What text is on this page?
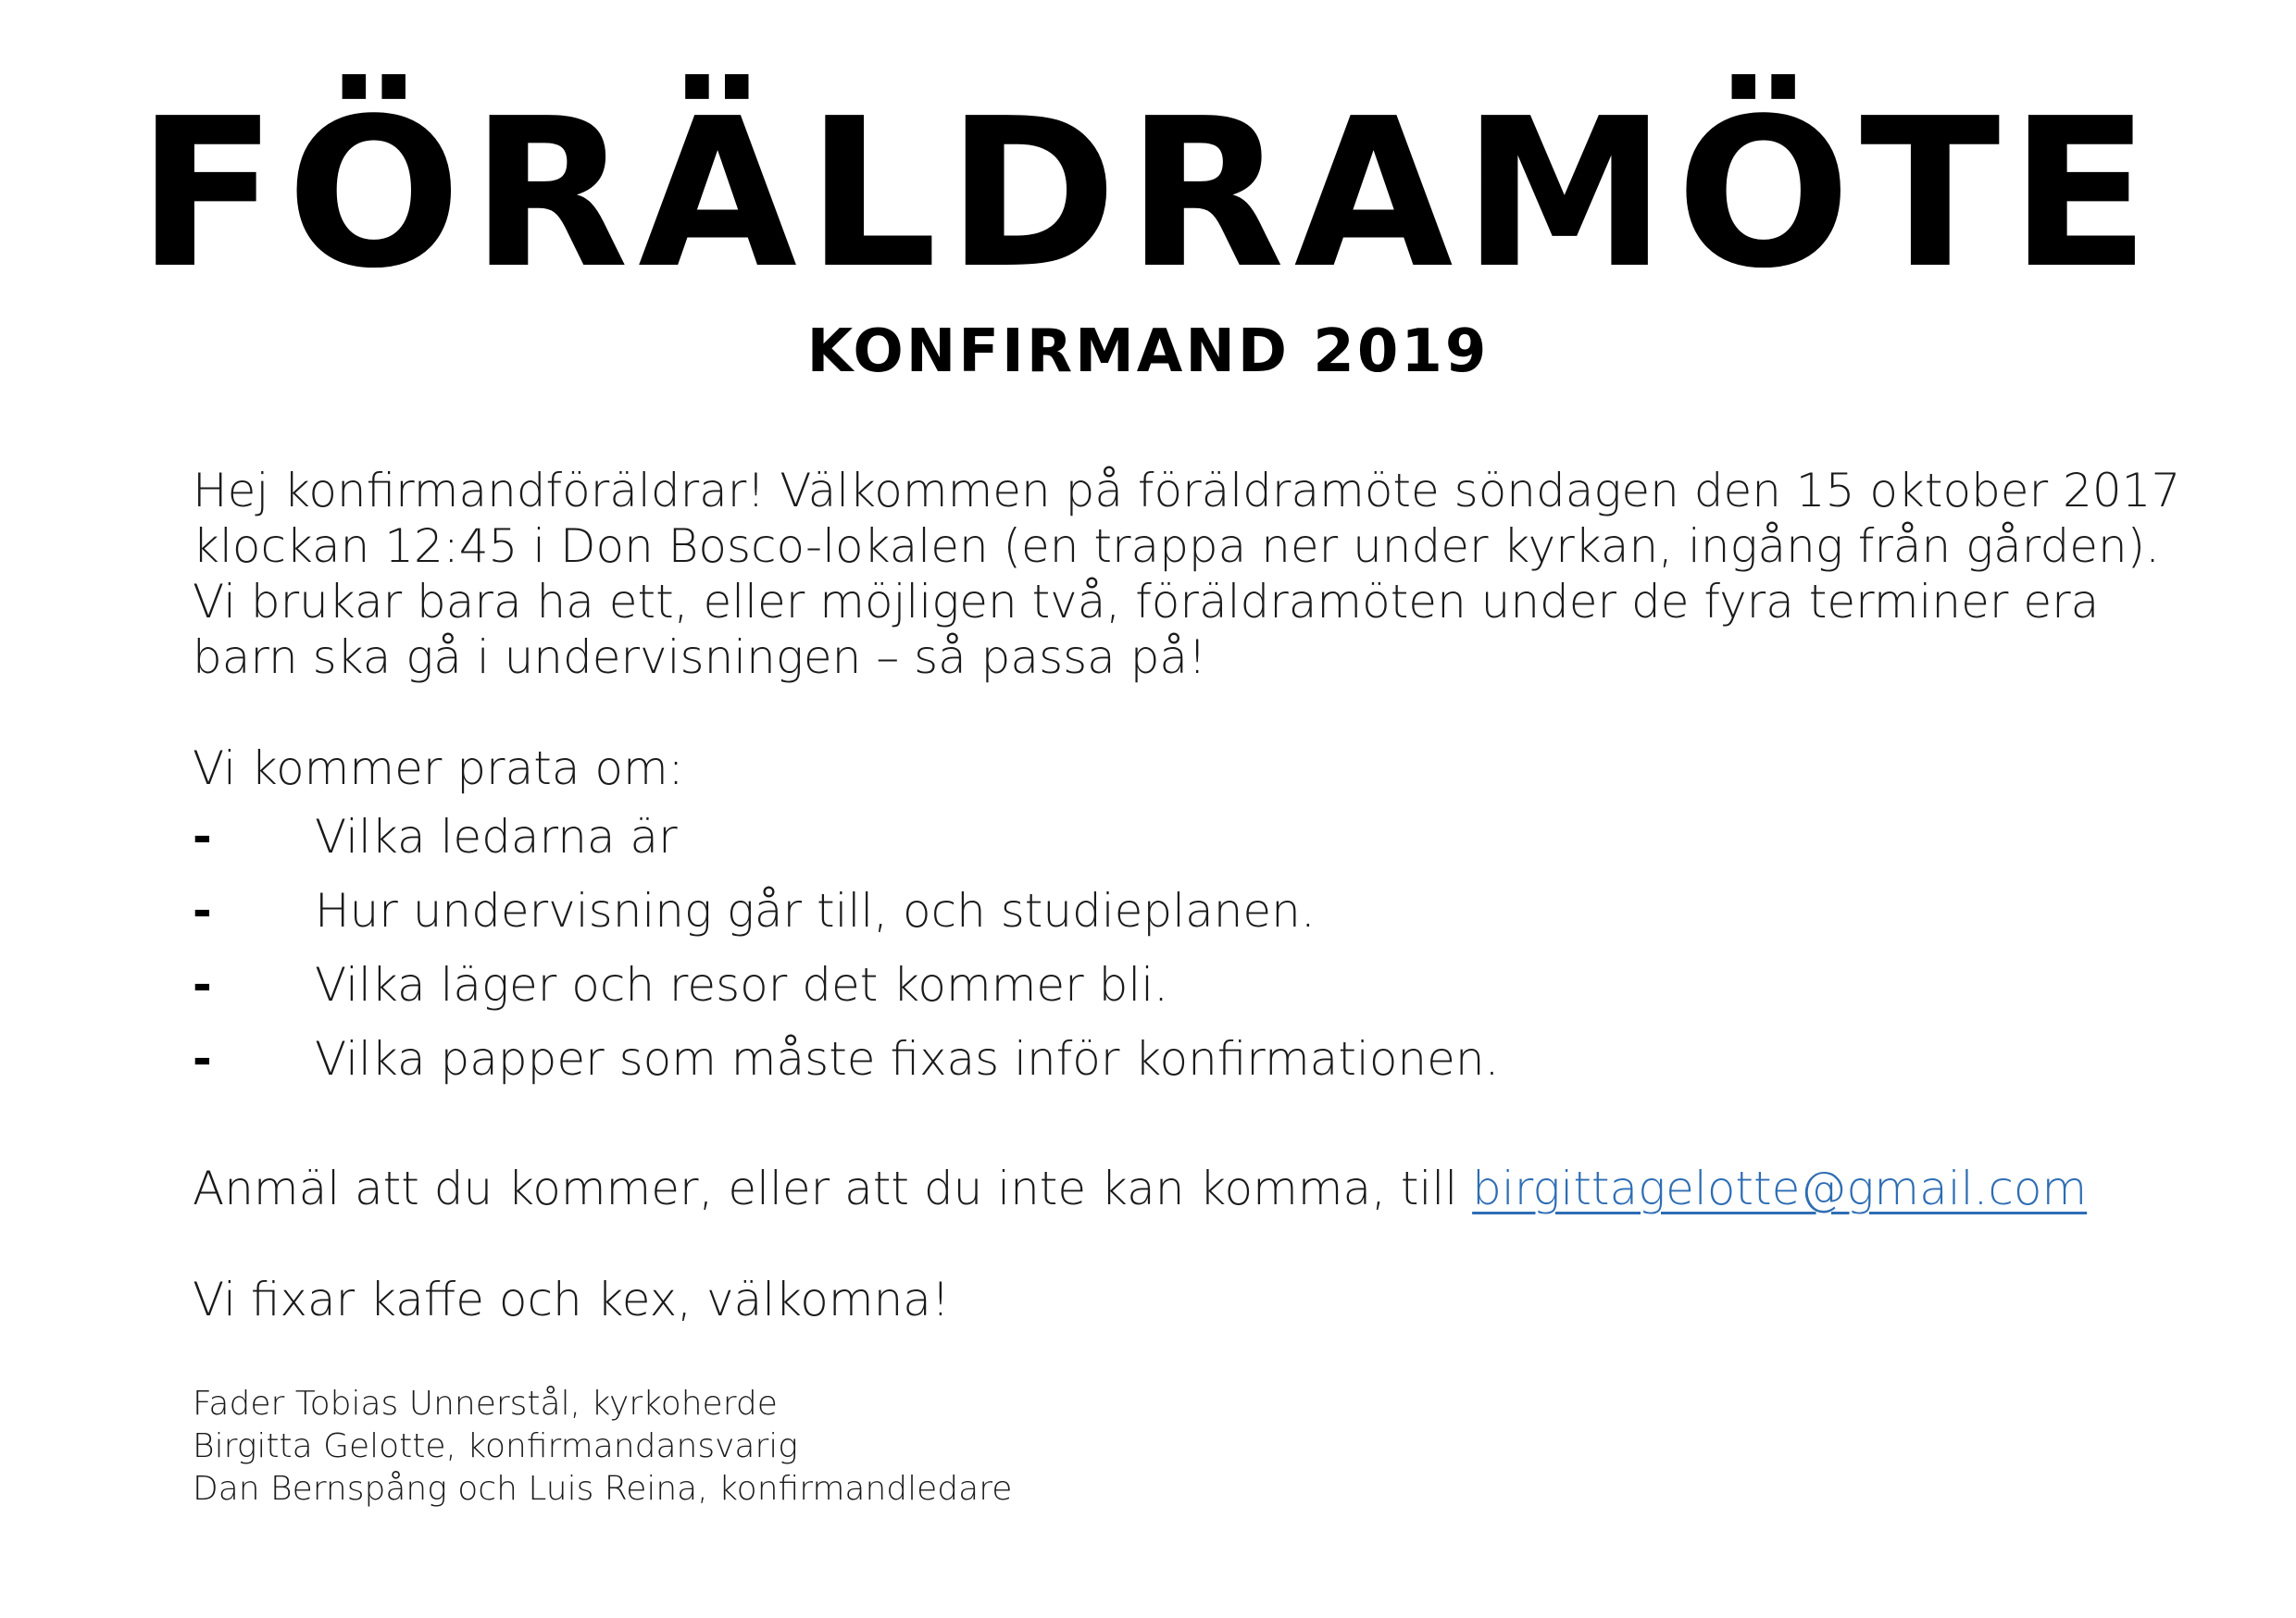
FÖRÄLDRAMÖTE
KONFIRMAND 2019

Hej konfirmandföräldrar! Välkommen på föräldramöte söndagen den 15 oktober 2017 klockan 12:45 i Don Bosco-lokalen (en trappa ner under kyrkan, ingång från gården). Vi brukar bara ha ett, eller möjligen två, föräldramöten under de fyra terminer era barn ska gå i undervisningen – så passa på!

Vi kommer prata om:

-	Vilka ledarna är
-	Hur undervisning går till, och studieplanen.
-	Vilka läger och resor det kommer bli.
-	Vilka papper som måste fixas inför konfirmationen.

Anmäl att du kommer, eller att du inte kan komma, till birgittagelotte@gmail.com

Vi fixar kaffe och kex, välkomna!

Fader Tobias Unnerstål, kyrkoherde
Birgitta Gelotte, konfirmandansvarig
Dan Bernspång och Luis Reina, konfirmandledare
